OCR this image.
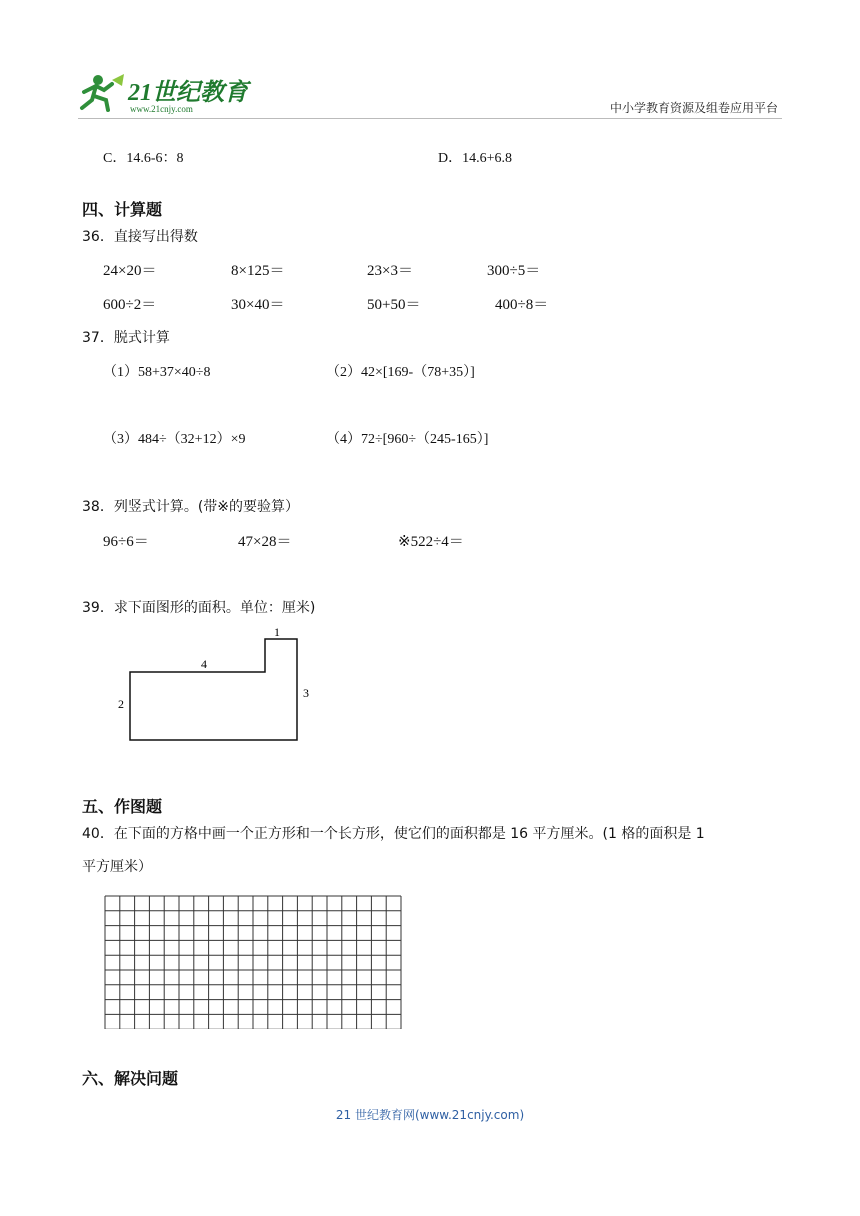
21世纪教育
www.21cnjy.com	中小学教育资源及组卷应用平台
C．14.6-6：8	D．14.6+6.8
四、计算题
36．直接写出得数
24×20＝	8×125＝	23×3＝	300÷5＝
600÷2＝	30×40＝	50+50＝	400÷8＝
37．脱式计算
（1）58+37×40÷8	（2）42×[169-（78+35）]
（3）484÷（32+12）×9	（4）72÷[960÷（245-165）]
38．列竖式计算。(带※的要验算）
96÷6＝	47×28＝	※522÷4＝
39．求下面图形的面积。单位：厘米)
1
4
2
3
五、作图题
40．在下面的方格中画一个正方形和一个长方形，使它们的面积都是 16 平方厘米。(1 格的面积是 1
平方厘米）
六、解决问题
21 世纪教育网(www.21cnjy.com)
